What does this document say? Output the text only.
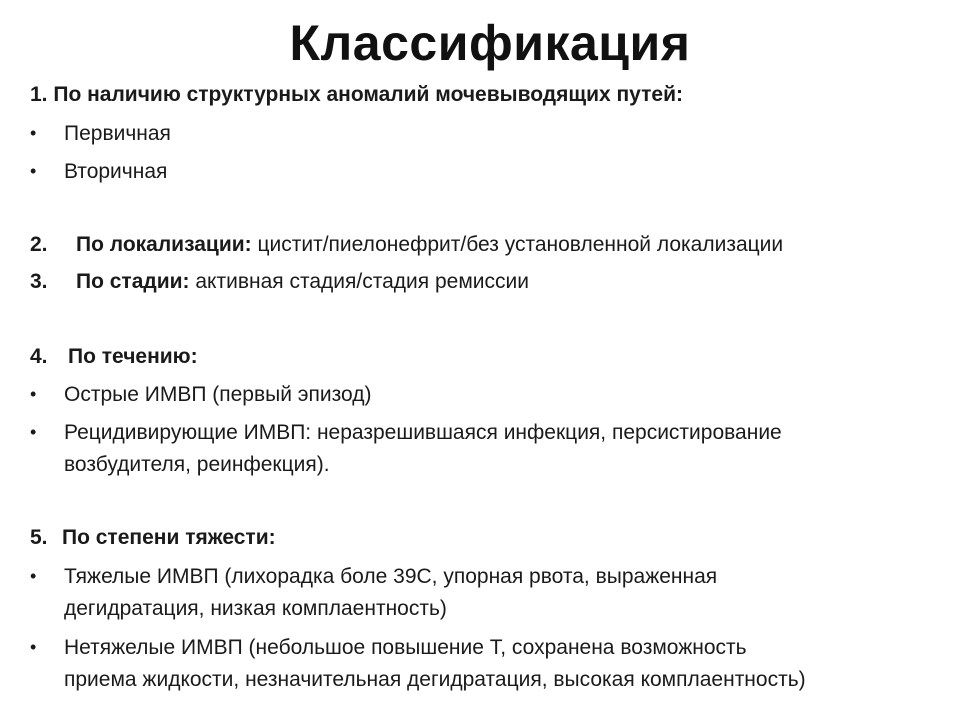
Классификация
1. По наличию структурных аномалий мочевыводящих путей:
• Первичная
• Вторичная
2. По локализации: цистит/пиелонефрит/без установленной локализации
3. По стадии: активная стадия/стадия ремиссии
4. По течению:
• Острые ИМВП (первый эпизод)
• Рецидивирующие ИМВП: неразрешившаяся инфекция, персистирование
возбудителя, реинфекция).
5. По степени тяжести:
• Тяжелые ИМВП (лихорадка боле 39С, упорная рвота, выраженная
дегидратация, низкая комплаентность)
• Нетяжелые ИМВП (небольшое повышение Т, сохранена возможность
приема жидкости, незначительная дегидратация, высокая комплаентность)
